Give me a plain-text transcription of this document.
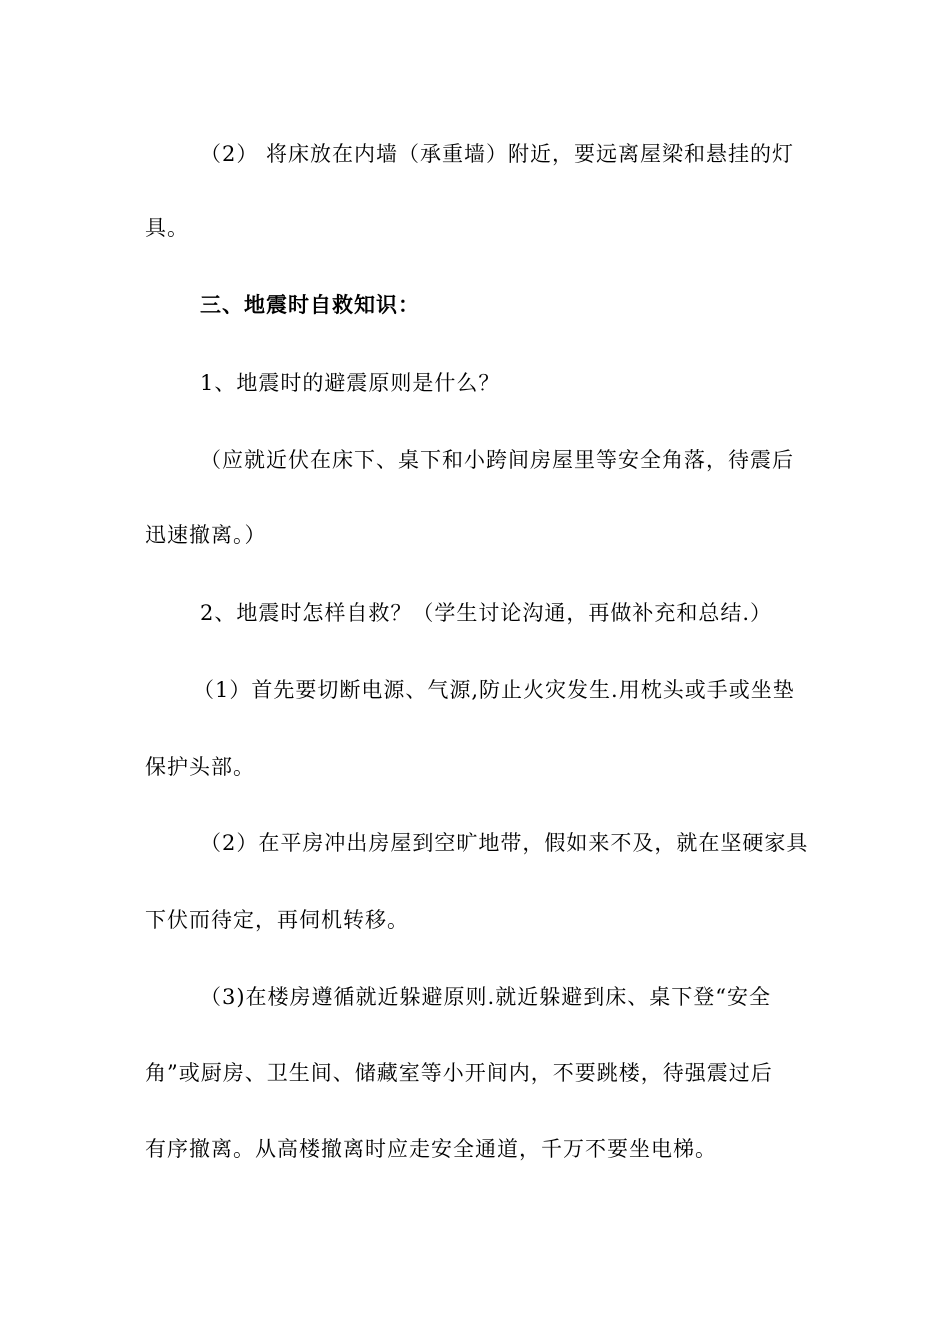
（2） 将床放在内墙（承重墙）附近，要远离屋梁和悬挂的灯
具。
三、地震时自救知识：
1、地震时的避震原则是什么？
（应就近伏在床下、桌下和小跨间房屋里等安全角落，待震后
迅速撤离。）
2、地震时怎样自救？（学生讨论沟通，再做补充和总结.）
（1）首先要切断电源、气源,防止火灾发生.用枕头或手或坐垫
保护头部。
（2）在平房冲出房屋到空旷地带，假如来不及，就在坚硬家具
下伏而待定，再伺机转移。
（3)在楼房遵循就近躲避原则.就近躲避到床、桌下登“安全
角”或厨房、卫生间、储藏室等小开间内，不要跳楼，待强震过后
有序撤离。从高楼撤离时应走安全通道，千万不要坐电梯。
